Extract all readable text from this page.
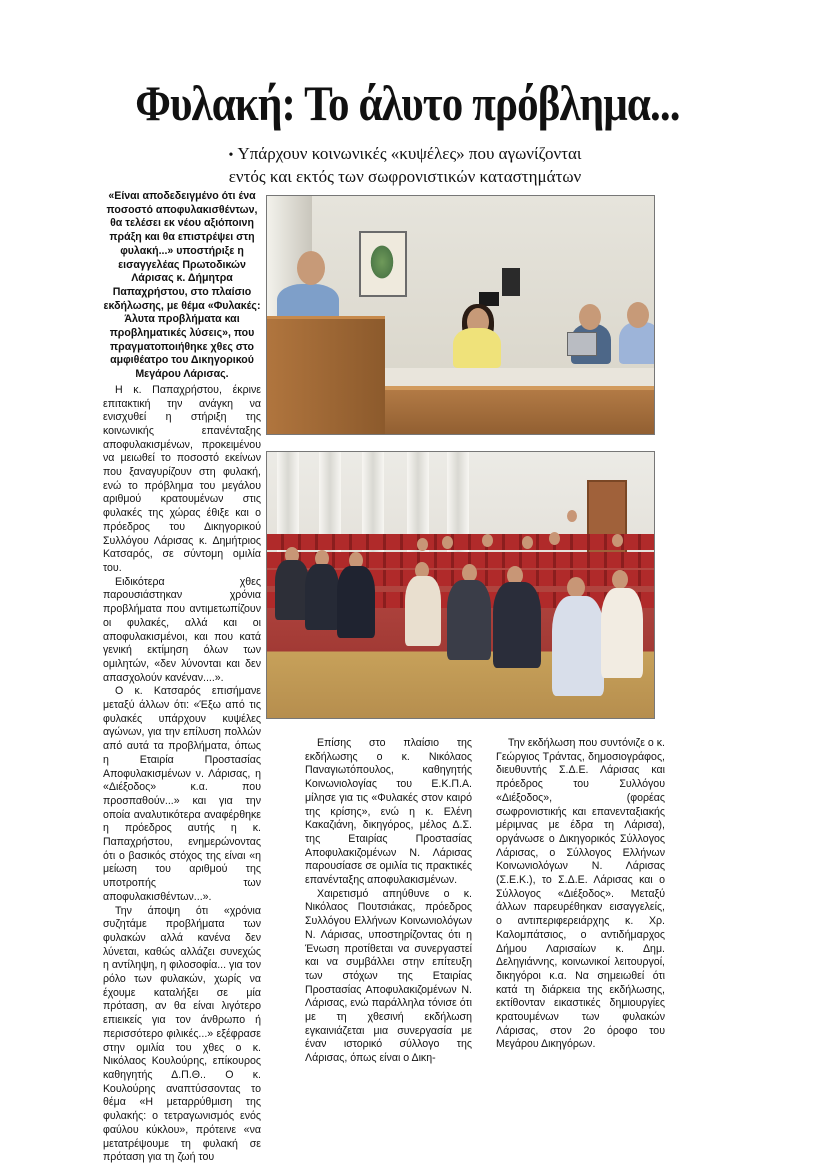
Φυλακή: Το άλυτο πρόβλημα...
• Υπάρχουν κοινωνικές «κυψέλες» που αγωνίζονται
εντός και εκτός των σωφρονιστικών καταστημάτων

«Είναι αποδεδειγμένο ότι ένα ποσοστό αποφυλακισθέντων, θα τελέσει εκ νέου αξιόποινη πράξη και θα επιστρέψει στη φυλακή...» υποστήριξε η εισαγγελέας Πρωτοδικών Λάρισας κ. Δήμητρα Παπαχρήστου, στο πλαίσιο εκδήλωσης, με θέμα «Φυλακές: Άλυτα προβλήματα και προβληματικές λύσεις», που πραγματοποιήθηκε χθες στο αμφιθέατρο του Δικηγορικού Μεγάρου Λάρισας.

Η κ. Παπαχρήστου, έκρινε επιτακτική την ανάγκη να ενισχυθεί η στήριξη της κοινωνικής επανένταξης αποφυλακισμένων, προκειμένου να μειωθεί το ποσοστό εκείνων που ξαναγυρίζουν στη φυλακή, ενώ το πρόβλημα του μεγάλου αριθμού κρατουμένων στις φυλακές της χώρας έθιξε και ο πρόεδρος του Δικηγορικού Συλλόγου Λάρισας κ. Δημήτριος Κατσαρός, σε σύντομη ομιλία του.

Ειδικότερα χθες παρουσιάστηκαν χρόνια προβλήματα που αντιμετωπίζουν οι φυλακές, αλλά και οι αποφυλακισμένοι, και που κατά γενική εκτίμηση όλων των ομιλητών, «δεν λύνονται και δεν απασχολούν κανέναν....».

Ο κ. Κατσαρός επισήμανε μεταξύ άλλων ότι: «Έξω από τις φυλακές υπάρχουν κυψέλες αγώνων, για την επίλυση πολλών από αυτά τα προβλήματα, όπως η Εταιρία Προστασίας Αποφυλακισμένων ν. Λάρισας, η «Διέξοδος» κ.α. που προσπαθούν...» και για την οποία αναλυτικότερα αναφέρθηκε η πρόεδρος αυτής η κ. Παπαχρήστου, ενημερώνοντας ότι ο βασικός στόχος της είναι «η μείωση του αριθμού της υποτροπής των αποφυλακισθέντων...».

Την άποψη ότι «χρόνια συζητάμε προβλήματα των φυλακών αλλά κανένα δεν λύνεται, καθώς αλλάζει συνεχώς η αντίληψη, η φιλοσοφία... για τον ρόλο των φυλακών, χωρίς να έχουμε καταλήξει σε μία πρόταση, αν θα είναι λιγότερο επιεικείς για τον άνθρωπο ή περισσότερο φιλικές...» εξέφρασε στην ομιλία του χθες ο κ. Νικόλαος Κουλούρης, επίκουρος καθηγητής Δ.Π.Θ.. Ο κ. Κουλούρης αναπτύσσοντας το θέμα «Η μεταρρύθμιση της φυλακής: ο τετραγωνισμός ενός φαύλου κύκλου», πρότεινε «να μετατρέψουμε τη φυλακή σε πρόταση για τη ζωή του

Επίσης στο πλαίσιο της εκδήλωσης ο κ. Νικόλαος Παναγιωτόπουλος, καθηγητής Κοινωνιολογίας του Ε.Κ.Π.Α. μίλησε για τις «Φυλακές στον καιρό της κρίσης», ενώ η κ. Ελένη Κακαζιάνη, δικηγόρος, μέλος Δ.Σ. της Εταιρίας Προστασίας Αποφυλακιζομένων Ν. Λάρισας παρουσίασε σε ομιλία τις πρακτικές επανένταξης αποφυλακισμένων.

Χαιρετισμό απηύθυνε ο κ. Νικόλαος Πουτσιάκας, πρόεδρος Συλλόγου Ελλήνων Κοινωνιολόγων Ν. Λάρισας, υποστηρίζοντας ότι η Ένωση προτίθεται να συνεργαστεί και να συμβάλλει στην επίτευξη των στόχων της Εταιρίας Προστασίας Αποφυλακιζομένων Ν. Λάρισας, ενώ παράλληλα τόνισε ότι με τη χθεσινή εκδήλωση εγκαινιάζεται μια συνεργασία με έναν ιστορικό σύλλογο της Λάρισας, όπως είναι ο Δικη-

Την εκδήλωση που συντόνιζε ο κ. Γεώργιος Τράντας, δημοσιογράφος, διευθυντής Σ.Δ.Ε. Λάρισας και πρόεδρος του Συλλόγου «Διέξοδος», (φορέας σωφρονιστικής και επανενταξιακής μέριμνας με έδρα τη Λάρισα), οργάνωσε ο Δικηγορικός Σύλλογος Λάρισας, ο Σύλλογος Ελλήνων Κοινωνιολόγων Ν. Λάρισας (Σ.Ε.Κ.), το Σ.Δ.Ε. Λάρισας και ο Σύλλογος «Διέξοδος». Μεταξύ άλλων παρευρέθηκαν εισαγγελείς, ο αντιπεριφερειάρχης κ. Χρ. Καλομπάτσιος, ο αντιδήμαρχος Δήμου Λαρισαίων κ. Δημ. Δεληγιάννης, κοινωνικοί λειτουργοί, δικηγόροι κ.α. Να σημειωθεί ότι κατά τη διάρκεια της εκδήλωσης, εκτίθονταν εικαστικές δημιουργίες κρατουμένων των φυλακών Λάρισας, στον 2ο όροφο του Μεγάρου Δικηγόρων.
